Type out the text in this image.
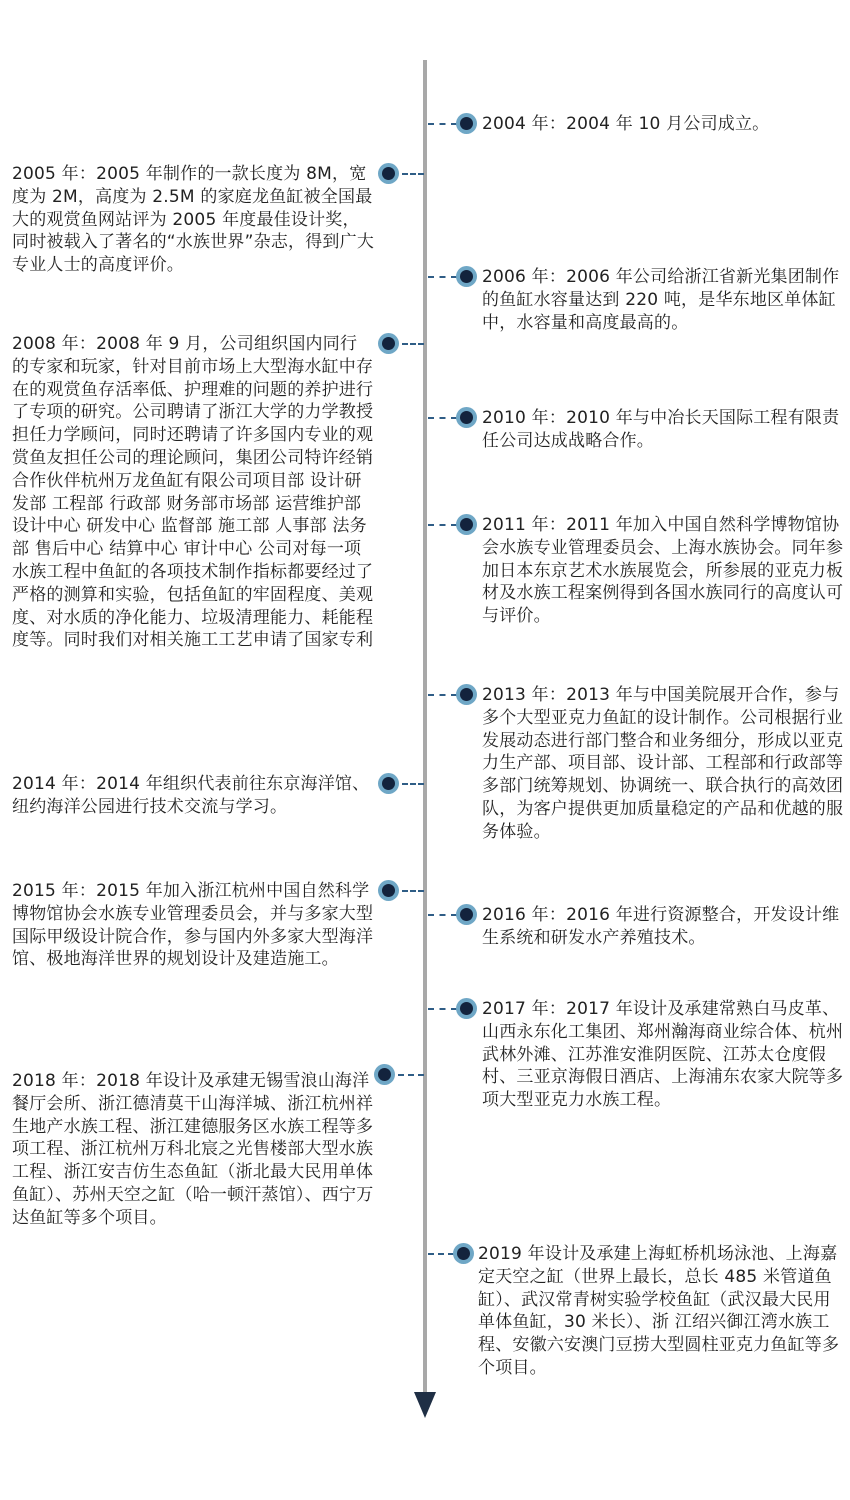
2004 年：2004 年 10 月公司成立。
2006 年：2006 年公司给浙江省新光集团制作的鱼缸水容量达到 220 吨，是华东地区单体缸中，水容量和高度最高的。
2010 年：2010 年与中冶长天国际工程有限责任公司达成战略合作。
2011 年：2011 年加入中国自然科学博物馆协会水族专业管理委员会、上海水族协会。同年参加日本东京艺术水族展览会，所参展的亚克力板材及水族工程案例得到各国水族同行的高度认可与评价。
2013 年：2013 年与中国美院展开合作，参与多个大型亚克力鱼缸的设计制作。公司根据行业发展动态进行部门整合和业务细分，形成以亚克力生产部、项目部、设计部、工程部和行政部等多部门统筹规划、协调统一、联合执行的高效团队，为客户提供更加质量稳定的产品和优越的服务体验。
2016 年：2016 年进行资源整合，开发设计维生系统和研发水产养殖技术。
2017 年：2017 年设计及承建常熟白马皮革、山西永东化工集团、郑州瀚海商业综合体、杭州武林外滩、江苏淮安淮阴医院、江苏太仓度假村、三亚京海假日酒店、上海浦东农家大院等多项大型亚克力水族工程。
2019 年设计及承建上海虹桥机场泳池、上海嘉定天空之缸（世界上最长，总长 485 米管道鱼缸）、武汉常青树实验学校鱼缸（武汉最大民用单体鱼缸，30 米长）、浙 江绍兴御江湾水族工程、安徽六安澳门豆捞大型圆柱亚克力鱼缸等多个项目。
2005 年：2005 年制作的一款长度为 8M，宽度为 2M，高度为 2.5M 的家庭龙鱼缸被全国最大的观赏鱼网站评为 2005 年度最佳设计奖，同时被载入了著名的“水族世界”杂志，得到广大专业人士的高度评价。
2008 年：2008 年 9 月，公司组织国内同行的专家和玩家，针对目前市场上大型海水缸中存在的观赏鱼存活率低、护理难的问题的养护进行了专项的研究。公司聘请了浙江大学的力学教授担任力学顾问，同时还聘请了许多国内专业的观赏鱼友担任公司的理论顾问，集团公司特许经销合作伙伴杭州万龙鱼缸有限公司项目部 设计研发部 工程部 行政部 财务部市场部 运营维护部 设计中心 研发中心 监督部 施工部 人事部 法务部 售后中心 结算中心 审计中心 公司对每一项水族工程中鱼缸的各项技术制作指标都要经过了严格的测算和实验，包括鱼缸的牢固程度、美观度、对水质的净化能力、垃圾清理能力、耗能程度等。同时我们对相关施工工艺申请了国家专利
2014 年：2014 年组织代表前往东京海洋馆、纽约海洋公园进行技术交流与学习。
2015 年：2015 年加入浙江杭州中国自然科学博物馆协会水族专业管理委员会，并与多家大型国际甲级设计院合作，参与国内外多家大型海洋馆、极地海洋世界的规划设计及建造施工。
2018 年：2018 年设计及承建无锡雪浪山海洋餐厅会所、浙江德清莫干山海洋城、浙江杭州祥生地产水族工程、浙江建德服务区水族工程等多项工程、浙江杭州万科北宸之光售楼部大型水族工程、浙江安吉仿生态鱼缸（浙北最大民用单体鱼缸）、苏州天空之缸（哈一顿汗蒸馆）、西宁万达鱼缸等多个项目。
